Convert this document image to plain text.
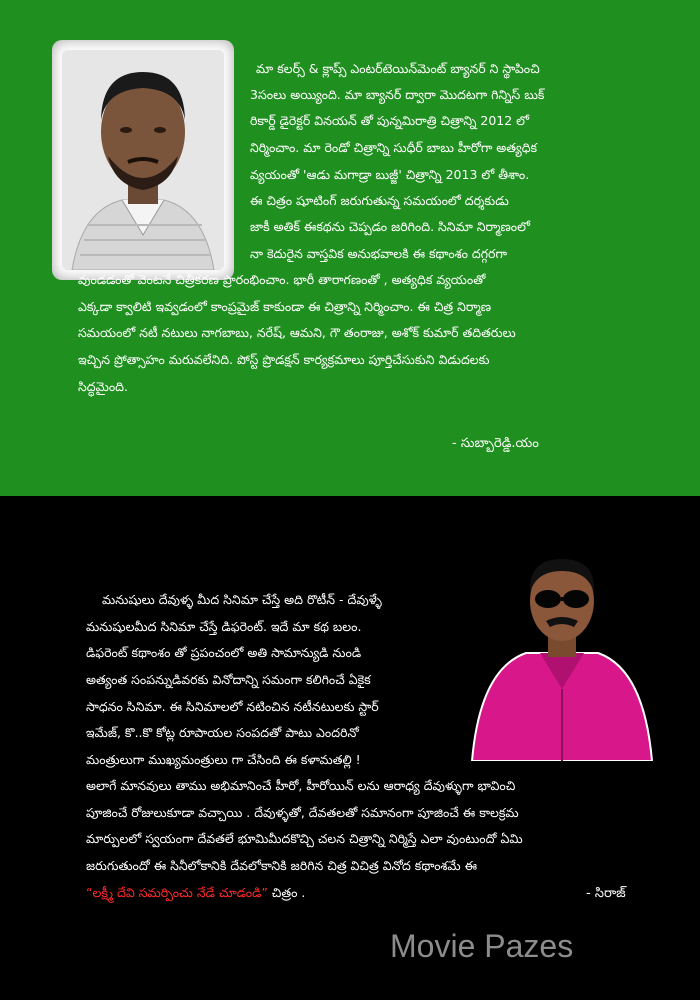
మా కలర్స్ & క్లాప్స్ ఎంటర్‌టెయిన్‌మెంట్ బ్యానర్ ని స్థాపించి
3సంలు అయ్యింది. మా బ్యానర్ ద్వారా మొదటగా గిన్నిస్ బుక్
రికార్డ్ డైరెక్టర్ వినయన్ తో పున్నమిరాత్రి చిత్రాన్ని 2012 లో
నిర్మించాం. మా రెండో చిత్రాన్ని సుధీర్ బాబు హీరోగా అత్యధిక
వ్యయంతో 'ఆడు మగాడ్రా బుజ్జీ' చిత్రాన్ని 2013 లో తీశాం.
ఈ చిత్రం షూటింగ్ జరుగుతున్న సమయంలో దర్శకుడు
జాకీ అతిక్ ఈకథను చెప్పడం జరిగింది. సినిమా నిర్మాణంలో
నా కెదురైన వాస్తవిక అనుభవాలకి ఈ కథాంశం దగ్గరగా
వుండడంతో వెంటనే చిత్రీకరణ ప్రారంభించాం. భారీ తారాగణంతో , అత్యధిక వ్యయంతో
ఎక్కడా క్వాలిటి ఇవ్వడంలో కాంప్రమైజ్ కాకుండా ఈ చిత్రాన్ని నిర్మించాం. ఈ చిత్ర నిర్మాణ
సమయంలో నటీ నటులు నాగబాబు, నరేష్, ఆమని, గౌ తంరాజు, అశోక్ కుమార్ తదితరులు
ఇచ్చిన ప్రోత్సాహం మరువలేనిది. పోస్ట్ ప్రొడక్షన్ కార్యక్రమాలు పూర్తిచేసుకుని విడుదలకు
సిద్ధమైంది.
- సుబ్బారెడ్డి.యం
మనుషులు దేవుళ్ళ మీద సినిమా చేస్తే అది రొటీన్ - దేవుళ్ళే
మనుషులమీద సినిమా చేస్తే డిఫరెంట్. ఇదే మా కథ బలం.
డిఫరెంట్ కథాంశం తో ప్రపంచంలో అతి సామాన్యుడి నుండి
అత్యంత సంపన్నుడివరకు వినోదాన్ని సమంగా కలిగించే ఏకైక
సాధనం సినిమా. ఈ సినిమాలలో నటించిన నటీనటులకు స్టార్
ఇమేజ్, కొ..కొ కోట్ల రూపాయల సంపదతో పాటు ఎందరినో
మంత్రులుగా ముఖ్యమంత్రులు గా చేసింది ఈ కళామతల్లి !
అలాగే మానవులు తాము అభిమానించే హీరో, హీరోయిన్ లను ఆరాధ్య దేవుళ్ళుగా భావించి
పూజించే రోజులుకూడా వచ్చాయి . దేవుళ్ళతో, దేవతలతో సమానంగా పూజించే ఈ కాలక్రమ
మార్పులలో స్వయంగా దేవతలే భూమిమీదకొచ్చి చలన చిత్రాన్ని నిర్మిస్తే ఎలా వుంటుందో ఏమి
జరుగుతుందో ఈ సినీలోకానికి దేవలోకానికి జరిగిన చిత్ర విచిత్ర వినోద కథాంశమే ఈ
“లక్ష్మీ దేవి సమర్పించు నేడే చూడండి” చిత్రం .	- సిరాజ్
Movie Pazes
